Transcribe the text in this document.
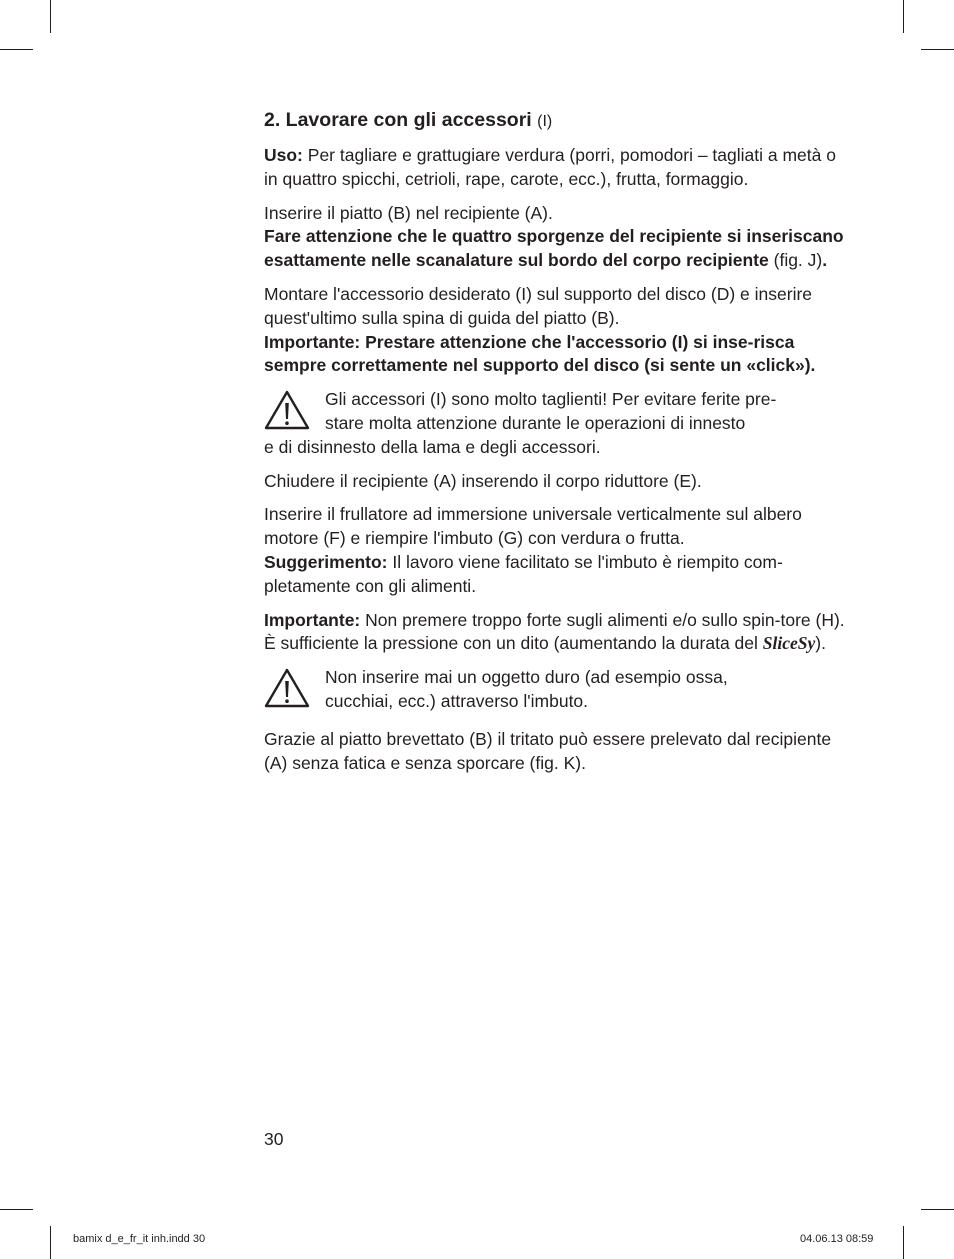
2. Lavorare con gli accessori (I)

Uso: Per tagliare e grattugiare verdura (porri, pomodori – tagliati a metà o in quattro spicchi, cetrioli, rape, carote, ecc.), frutta, formaggio.

Inserire il piatto (B) nel recipiente (A).
Fare attenzione che le quattro sporgenze del recipiente si inseriscano esattamente nelle scanalature sul bordo del corpo recipiente (fig. J).

Montare l'accessorio desiderato (I) sul supporto del disco (D) e inserire quest'ultimo sulla spina di guida del piatto (B).
Importante: Prestare attenzione che l'accessorio (I) si inse-risca sempre correttamente nel supporto del disco (si sente un «click»).

Gli accessori (I) sono molto taglienti! Per evitare ferite pre-
stare molta attenzione durante le operazioni di innesto
e di disinnesto della lama e degli accessori.

Chiudere il recipiente (A) inserendo il corpo riduttore (E).

Inserire il frullatore ad immersione universale verticalmente sul albero motore (F) e riempire l'imbuto (G) con verdura o frutta.
Suggerimento: Il lavoro viene facilitato se l'imbuto è riempito com-pletamente con gli alimenti.

Importante: Non premere troppo forte sugli alimenti e/o sullo spin-tore (H). È sufficiente la pressione con un dito (aumentando la durata del SliceSy).

Non inserire mai un oggetto duro (ad esempio ossa,
cucchiai, ecc.) attraverso l'imbuto.

Grazie al piatto brevettato (B) il tritato può essere prelevato dal recipiente (A) senza fatica e senza sporcare (fig. K).

30
bamix d_e_fr_it inh.indd 30	04.06.13 08:59
